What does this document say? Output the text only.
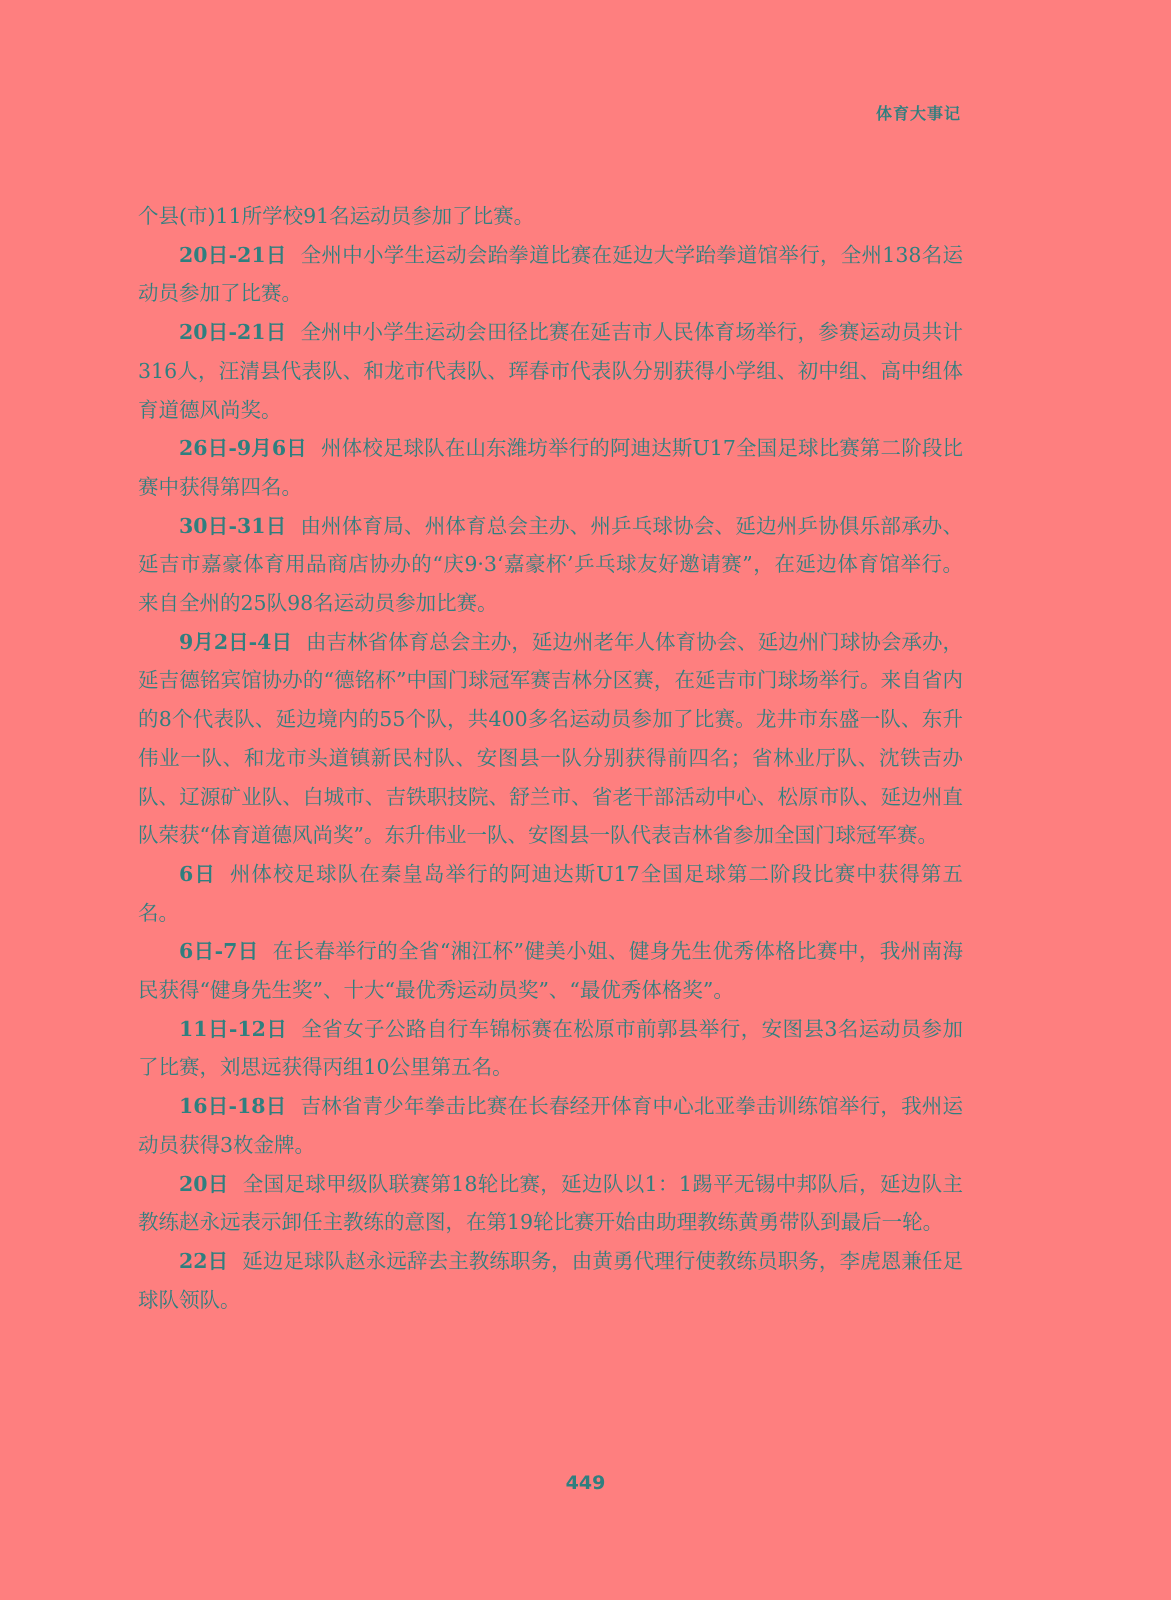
体育大事记

个县(市)11所学校91名运动员参加了比赛。

20日-21日 全州中小学生运动会跆拳道比赛在延边大学跆拳道馆举行，全州138名运动员参加了比赛。

20日-21日 全州中小学生运动会田径比赛在延吉市人民体育场举行，参赛运动员共计316人，汪清县代表队、和龙市代表队、珲春市代表队分别获得小学组、初中组、高中组体育道德风尚奖。

26日-9月6日 州体校足球队在山东潍坊举行的阿迪达斯U17全国足球比赛第二阶段比赛中获得第四名。

30日-31日 由州体育局、州体育总会主办、州乒乓球协会、延边州乒协俱乐部承办、延吉市嘉豪体育用品商店协办的“庆9·3‘嘉豪杯’乒乓球友好邀请赛”，在延边体育馆举行。来自全州的25队98名运动员参加比赛。

9月2日-4日 由吉林省体育总会主办，延边州老年人体育协会、延边州门球协会承办，延吉德铭宾馆协办的“德铭杯”中国门球冠军赛吉林分区赛，在延吉市门球场举行。来自省内的8个代表队、延边境内的55个队，共400多名运动员参加了比赛。龙井市东盛一队、东升伟业一队、和龙市头道镇新民村队、安图县一队分别获得前四名；省林业厅队、沈铁吉办队、辽源矿业队、白城市、吉铁职技院、舒兰市、省老干部活动中心、松原市队、延边州直队荣获“体育道德风尚奖”。东升伟业一队、安图县一队代表吉林省参加全国门球冠军赛。

6日 州体校足球队在秦皇岛举行的阿迪达斯U17全国足球第二阶段比赛中获得第五名。

6日-7日 在长春举行的全省“湘江杯”健美小姐、健身先生优秀体格比赛中，我州南海民获得“健身先生奖”、十大“最优秀运动员奖”、“最优秀体格奖”。

11日-12日 全省女子公路自行车锦标赛在松原市前郭县举行，安图县3名运动员参加了比赛，刘思远获得丙组10公里第五名。

16日-18日 吉林省青少年拳击比赛在长春经开体育中心北亚拳击训练馆举行，我州运动员获得3枚金牌。

20日 全国足球甲级队联赛第18轮比赛，延边队以1：1踢平无锡中邦队后，延边队主教练赵永远表示卸任主教练的意图，在第19轮比赛开始由助理教练黄勇带队到最后一轮。

22日 延边足球队赵永远辞去主教练职务，由黄勇代理行使教练员职务，李虎恩兼任足球队领队。

449
